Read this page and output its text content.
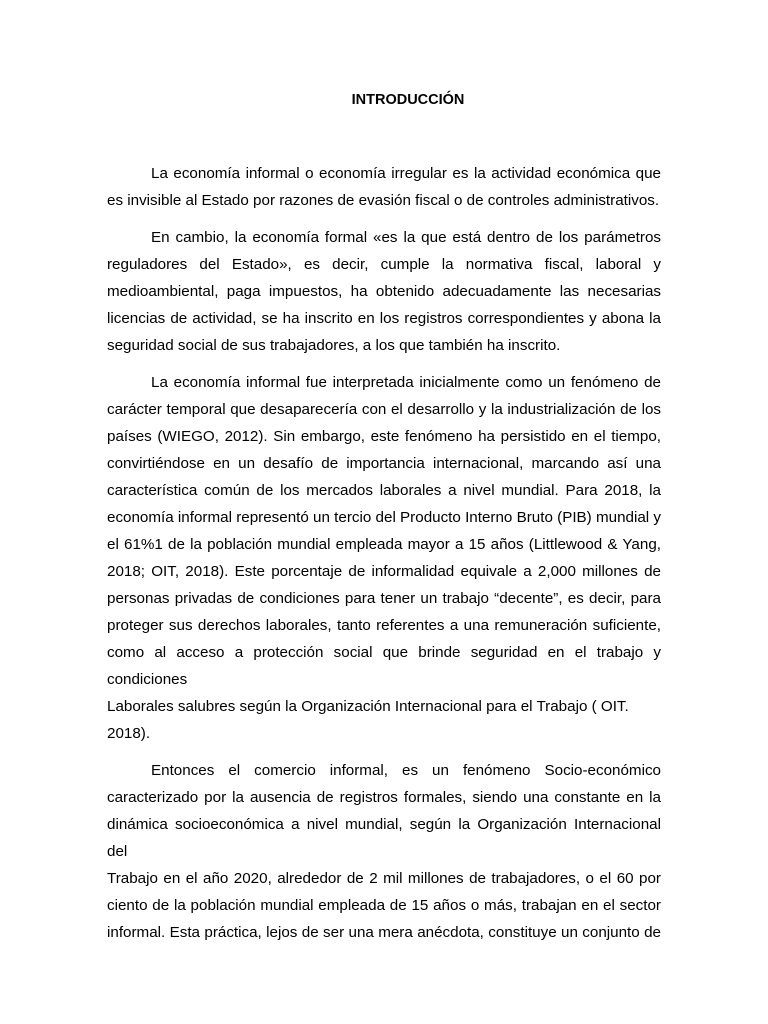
INTRODUCCIÓN

La economía informal o economía irregular es la actividad económica que
es invisible al Estado por razones de evasión fiscal o de controles administrativos.

En cambio, la economía formal «es la que está dentro de los parámetros
reguladores del Estado», es decir, cumple la normativa fiscal, laboral y
medioambiental, paga impuestos, ha obtenido adecuadamente las necesarias
licencias de actividad, se ha inscrito en los registros correspondientes y abona la
seguridad social de sus trabajadores, a los que también ha inscrito.

La economía informal fue interpretada inicialmente como un fenómeno de
carácter temporal que desaparecería con el desarrollo y la industrialización de los
países (WIEGO, 2012). Sin embargo, este fenómeno ha persistido en el tiempo,
convirtiéndose en un desafío de importancia internacional, marcando así una
característica común de los mercados laborales a nivel mundial. Para 2018, la
economía informal representó un tercio del Producto Interno Bruto (PIB) mundial y
el 61%1 de la población mundial empleada mayor a 15 años (Littlewood & Yang,
2018; OIT, 2018). Este porcentaje de informalidad equivale a 2,000 millones de
personas privadas de condiciones para tener un trabajo “decente”, es decir, para
proteger sus derechos laborales, tanto referentes a una remuneración suficiente,
como al acceso a protección social que brinde seguridad en el trabajo y
condiciones
Laborales salubres según la Organización Internacional para el Trabajo ( OIT.
2018).

Entonces el comercio informal, es un fenómeno Socio-económico
caracterizado por la ausencia de registros formales, siendo una constante en la
dinámica socioeconómica a nivel mundial, según la Organización Internacional del
Trabajo en el año 2020, alrededor de 2 mil millones de trabajadores, o el 60 por
ciento de la población mundial empleada de 15 años o más, trabajan en el sector
informal. Esta práctica, lejos de ser una mera anécdota, constituye un conjunto de
